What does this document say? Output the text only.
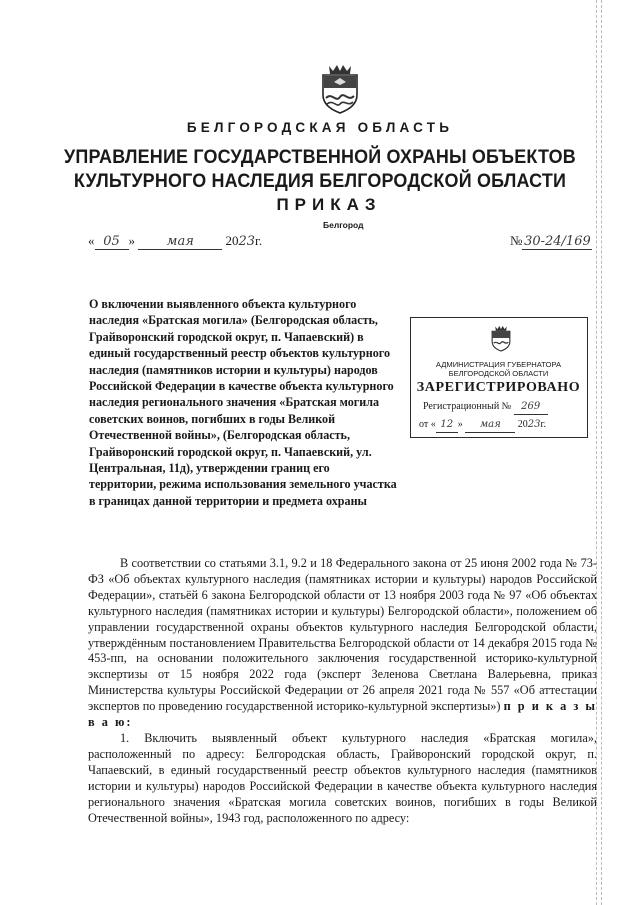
БЕЛГОРОДСКАЯ ОБЛАСТЬ
УПРАВЛЕНИЕ ГОСУДАРСТВЕННОЙ ОХРАНЫ ОБЪЕКТОВ
КУЛЬТУРНОГО НАСЛЕДИЯ БЕЛГОРОДСКОЙ ОБЛАСТИ
ПРИКАЗ
Белгород
« 05 » мая 2023г.	№ 30-24/169
О включении выявленного объекта культурного наследия «Братская могила» (Белгородская область, Грайворонский городской округ, п. Чапаевский) в единый государственный реестр объектов культурного наследия (памятников истории и культуры) народов Российской Федерации в качестве объекта культурного наследия регионального значения «Братская могила советских воинов, погибших в годы Великой Отечественной войны», (Белгородская область, Грайворонский городской округ, п. Чапаевский, ул. Центральная, 11д), утверждении границ его территории, режима использования земельного участка в границах данной территории и предмета охраны
АДМИНИСТРАЦИЯ ГУБЕРНАТОРА
БЕЛГОРОДСКОЙ ОБЛАСТИ
ЗАРЕГИСТРИРОВАНО
Регистрационный № 269
от « 12 » мая 2023г.

В соответствии со статьями 3.1, 9.2 и 18 Федерального закона от 25 июня 2002 года № 73-ФЗ «Об объектах культурного наследия (памятниках истории и культуры) народов Российской Федерации», статьёй 6 закона Белгородской области от 13 ноября 2003 года № 97 «Об объектах культурного наследия (памятниках истории и культуры) Белгородской области», положением об управлении государственной охраны объектов культурного наследия Белгородской области, утверждённым постановлением Правительства Белгородской области от 14 декабря 2015 года № 453-пп, на основании положительного заключения государственной историко-культурной экспертизы от 15 ноября 2022 года (эксперт Зеленова Светлана Валерьевна, приказ Министерства культуры Российской Федерации от 26 апреля 2021 года № 557 «Об аттестации экспертов по проведению государственной историко-культурной экспертизы») п р и к а з ы в а ю:

1. Включить выявленный объект культурного наследия «Братская могила», расположенный по адресу: Белгородская область, Грайворонский городской округ, п. Чапаевский, в единый государственный реестр объектов культурного наследия (памятников истории и культуры) народов Российской Федерации в качестве объекта культурного наследия регионального значения «Братская могила советских воинов, погибших в годы Великой Отечественной войны», 1943 год, расположенного по адресу:
